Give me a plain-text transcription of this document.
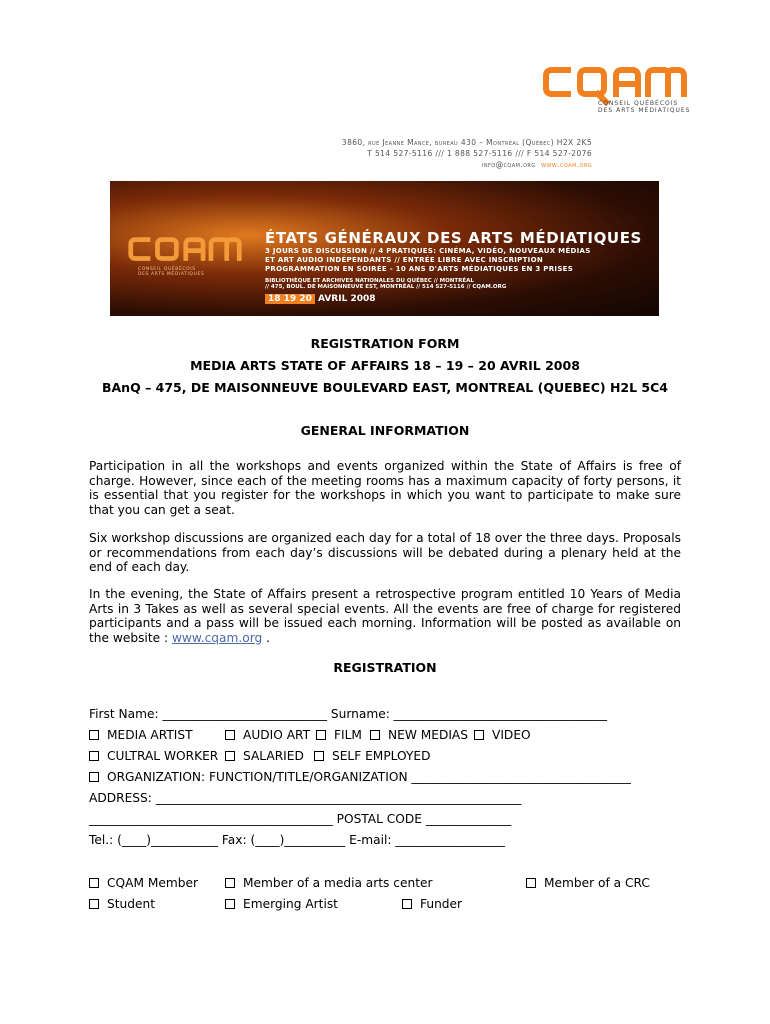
CONSEIL QUÉBÉCOIS
DES ARTS MÉDIATIQUES
3860, rue Jeanne Mance, bureau 430 – Montréal (Québec) H2X 2K5
T 514 527-5116 /// 1 888 527-5116 /// F 514 527-2076
info@cqam.org www.cqam.org
CONSEIL QUÉBÉCOIS
DES ARTS MÉDIATIQUES
ÉTATS GÉNÉRAUX DES ARTS MÉDIATIQUES
3 JOURS DE DISCUSSION // 4 PRATIQUES: CINÉMA, VIDÉO, NOUVEAUX MÉDIAS
ET ART AUDIO INDÉPENDANTS // ENTRÉE LIBRE AVEC INSCRIPTION
PROGRAMMATION EN SOIRÉE - 10 ANS D'ARTS MÉDIATIQUES EN 3 PRISES
BIBLIOTHÈQUE ET ARCHIVES NATIONALES DU QUÉBEC // MONTRÉAL
// 475, BOUL. DE MAISONNEUVE EST, MONTRÉAL // 514 527-5116 // CQAM.ORG
18 19 20 AVRIL 2008
REGISTRATION FORM
MEDIA ARTS STATE OF AFFAIRS 18 – 19 – 20 AVRIL 2008
BAnQ – 475, DE MAISONNEUVE BOULEVARD EAST, MONTREAL (QUEBEC) H2L 5C4
GENERAL INFORMATION
Participation in all the workshops and events organized within the State of Affairs is free of charge. However, since each of the meeting rooms has a maximum capacity of forty persons, it is essential that you register for the workshops in which you want to participate to make sure that you can get a seat.
Six workshop discussions are organized each day for a total of 18 over the three days. Proposals or recommendations from each day’s discussions will be debated during a plenary held at the end of each day.
In the evening, the State of Affairs present a retrospective program entitled 10 Years of Media Arts in 3 Takes as well as several special events. All the events are free of charge for registered participants and a pass will be issued each morning. Information will be posted as available on the website : www.cqam.org .
REGISTRATION
First Name: ___________________________ Surname: ___________________________________
MEDIA ARTIST	AUDIO ART	FILM	NEW MEDIAS	VIDEO
CULTRAL WORKER	SALARIED	SELF EMPLOYED
ORGANIZATION: FUNCTION/TITLE/ORGANIZATION ____________________________________
ADDRESS: ____________________________________________________________
________________________________________ POSTAL CODE ______________
Tel.: (____)___________ Fax: (____)__________ E-mail: __________________
CQAM Member	Member of a media arts center	Member of a CRC
Student	Emerging Artist	Funder
